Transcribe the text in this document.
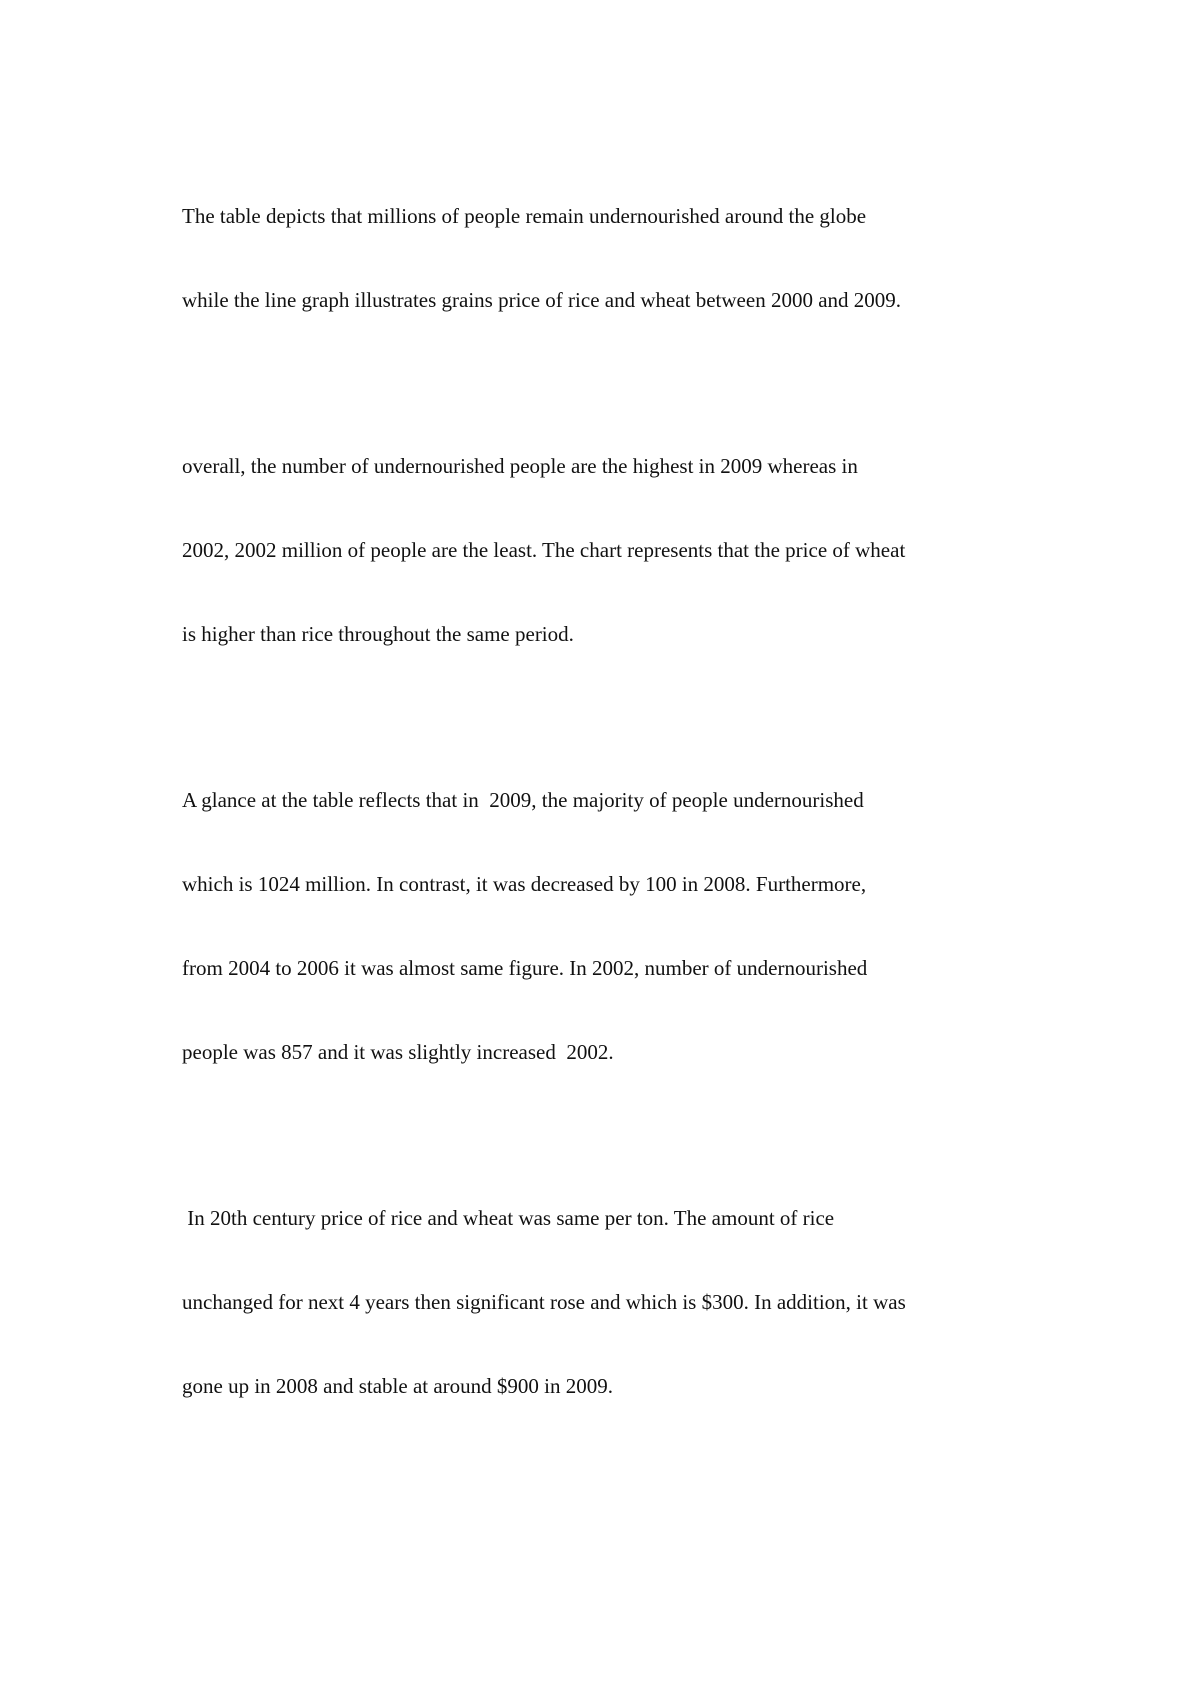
The table depicts that millions of people remain undernourished around the globe

while the line graph illustrates grains price of rice and wheat between 2000 and 2009.

overall, the number of undernourished people are the highest in 2009 whereas in

2002, 2002 million of people are the least. The chart represents that the price of wheat

is higher than rice throughout the same period.

A glance at the table reflects that in  2009, the majority of people undernourished

which is 1024 million. In contrast, it was decreased by 100 in 2008. Furthermore,

from 2004 to 2006 it was almost same figure. In 2002, number of undernourished

people was 857 and it was slightly increased  2002.

In 20th century price of rice and wheat was same per ton. The amount of rice

unchanged for next 4 years then significant rose and which is $300. In addition, it was

gone up in 2008 and stable at around $900 in 2009.
